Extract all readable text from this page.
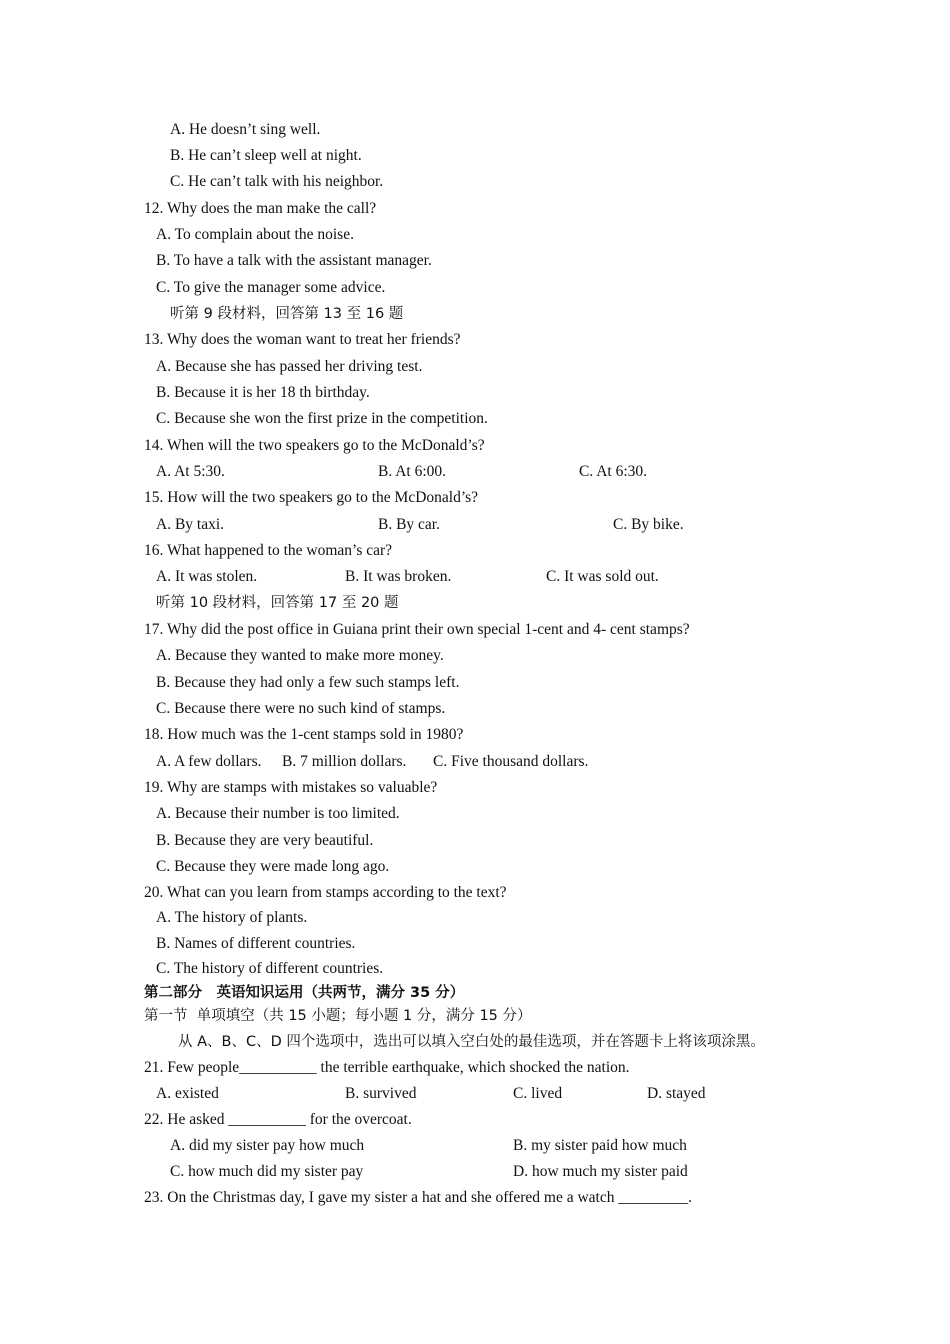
A. He doesn’t sing well.
B. He can’t sleep well at night.
C. He can’t talk with his neighbor.
12. Why does the man make the call?
A. To complain about the noise.
B. To have a talk with the assistant manager.
C. To give the manager some advice.
听第 9 段材料，回答第 13 至 16 题
13. Why does the woman want to treat her friends?
A. Because she has passed her driving test.
B. Because it is her 18 th birthday.
C. Because she won the first prize in the competition.
14. When will the two speakers go to the McDonald’s?
A. At 5:30.	B. At 6:00.	C. At 6:30.
15. How will the two speakers go to the McDonald’s?
A. By taxi.	B. By car.	C. By bike.
16. What happened to the woman’s car?
A. It was stolen.	B. It was broken.	C. It was sold out.
听第 10 段材料，回答第 17 至 20 题
17. Why did the post office in Guiana print their own special 1-cent and 4- cent stamps?
A. Because they wanted to make more money.
B. Because they had only a few such stamps left.
C. Because there were no such kind of stamps.
18. How much was the 1-cent stamps sold in 1980?
A. A few dollars. B. 7 million dollars. C. Five thousand dollars.
19. Why are stamps with mistakes so valuable?
A. Because their number is too limited.
B. Because they are very beautiful.
C. Because they were made long ago.
20. What can you learn from stamps according to the text?
A. The history of plants.
B. Names of different countries.
C. The history of different countries.
第二部分　英语知识运用（共两节，满分 35 分）
第一节  单项填空（共 15 小题；每小题 1 分，满分 15 分）
从 A、B、C、D 四个选项中，选出可以填入空白处的最佳选项，并在答题卡上将该项涂黑。
21. Few people__________ the terrible earthquake, which shocked the nation.
A. existed	B. survived	C. lived	D. stayed
22. He asked __________ for the overcoat.
A. did my sister pay how much	B. my sister paid how much
C. how much did my sister pay	D. how much my sister paid
23. On the Christmas day, I gave my sister a hat and she offered me a watch _________.
